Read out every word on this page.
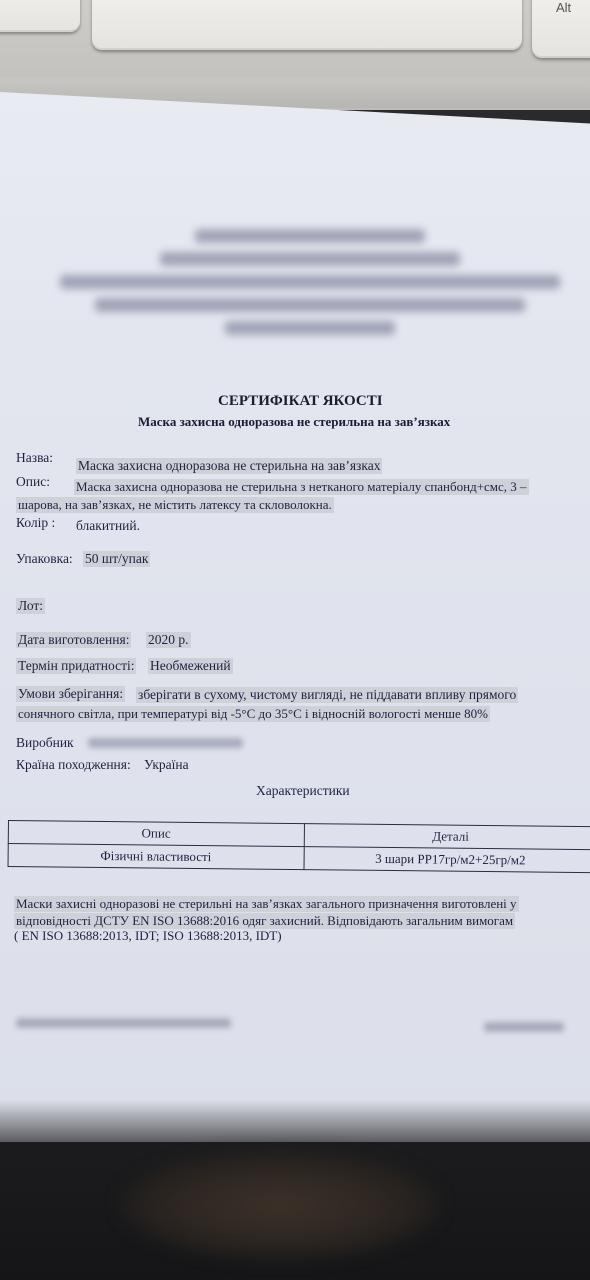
Alt
СЕРТИФІКАТ ЯКОСТІ
Маска захисна одноразова не стерильна на зав’язках
Назва:
Маска захисна одноразова не стерильна на зав’язках
Опис: Маска захисна одноразова не стерильна з нетканого матеріалу спанбонд+смс, 3 –
шарова, на зав’язках, не містить латексу та скловолокна.
Колір : блакитний.
Упаковка: 50 шт/упак
Лот:
Дата виготовлення: 2020 р.
Термін придатності: Необмежений
Умови зберігання: зберігати в сухому, чистому вигляді, не піддавати впливу прямого
сонячного світла, при температурі від -5°С до 35°С і відносній вологості менше 80%
Виробник
Країна походження: Україна
Характеристики
Опис	Деталі
Фізичні властивості	3 шари PP17гр/м2+25гр/м2
Маски захисні одноразові не стерильні на зав’язках загального призначення виготовлені у
відповідності ДСТУ EN ISO 13688:2016 одяг захисний. Відповідають загальним вимогам
( EN ISO 13688:2013, IDT; ISO 13688:2013, IDT)
